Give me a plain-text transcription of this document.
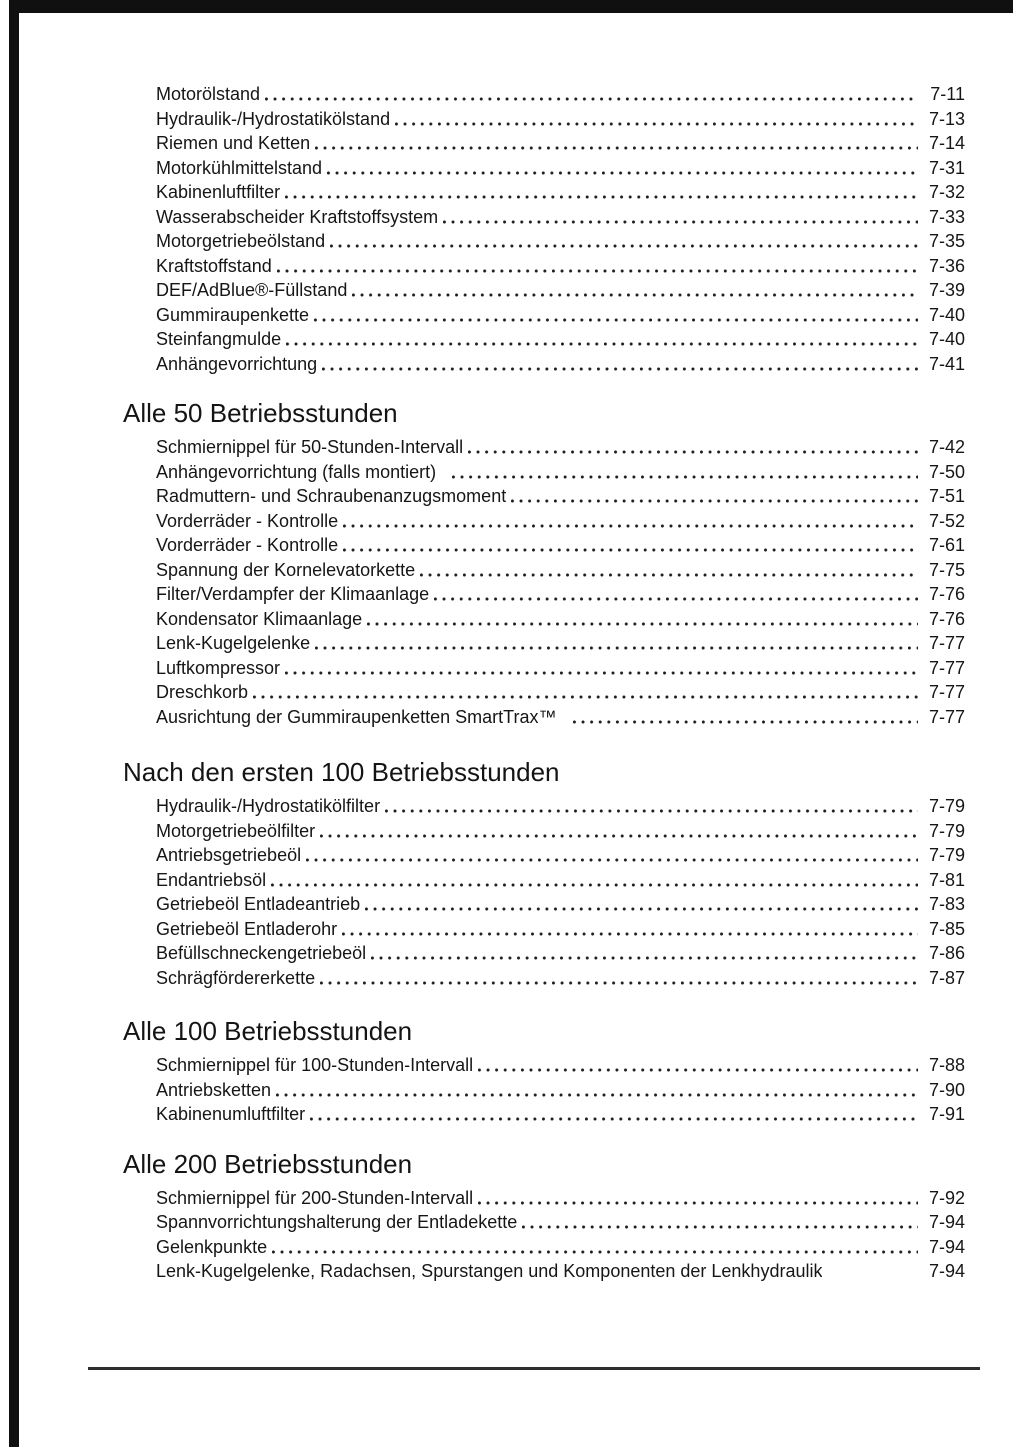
Motorölstand	7-11
Hydraulik-/Hydrostatikölstand	7-13
Riemen und Ketten	7-14
Motorkühlmittelstand	7-31
Kabinenluftfilter	7-32
Wasserabscheider Kraftstoffsystem	7-33
Motorgetriebeölstand	7-35
Kraftstoffstand	7-36
DEF/AdBlue®-Füllstand	7-39
Gummiraupenkette	7-40
Steinfangmulde	7-40
Anhängevorrichtung	7-41
Alle 50 Betriebsstunden
Schmiernippel für 50-Stunden-Intervall	7-42
Anhängevorrichtung (falls montiert)	7-50
Radmuttern- und Schraubenanzugsmoment	7-51
Vorderräder - Kontrolle	7-52
Vorderräder - Kontrolle	7-61
Spannung der Kornelevatorkette	7-75
Filter/Verdampfer der Klimaanlage	7-76
Kondensator Klimaanlage	7-76
Lenk-Kugelgelenke	7-77
Luftkompressor	7-77
Dreschkorb	7-77
Ausrichtung der Gummiraupenketten SmartTrax™	7-77
Nach den ersten 100 Betriebsstunden
Hydraulik-/Hydrostatikölfilter	7-79
Motorgetriebeölfilter	7-79
Antriebsgetriebeöl	7-79
Endantriebsöl	7-81
Getriebeöl Entladeantrieb	7-83
Getriebeöl Entladerohr	7-85
Befüllschneckengetriebeöl	7-86
Schrägfördererkette	7-87
Alle 100 Betriebsstunden
Schmiernippel für 100-Stunden-Intervall	7-88
Antriebsketten	7-90
Kabinenumluftfilter	7-91
Alle 200 Betriebsstunden
Schmiernippel für 200-Stunden-Intervall	7-92
Spannvorrichtungshalterung der Entladekette	7-94
Gelenkpunkte	7-94
Lenk-Kugelgelenke, Radachsen, Spurstangen und Komponenten der Lenkhydraulik	7-94
